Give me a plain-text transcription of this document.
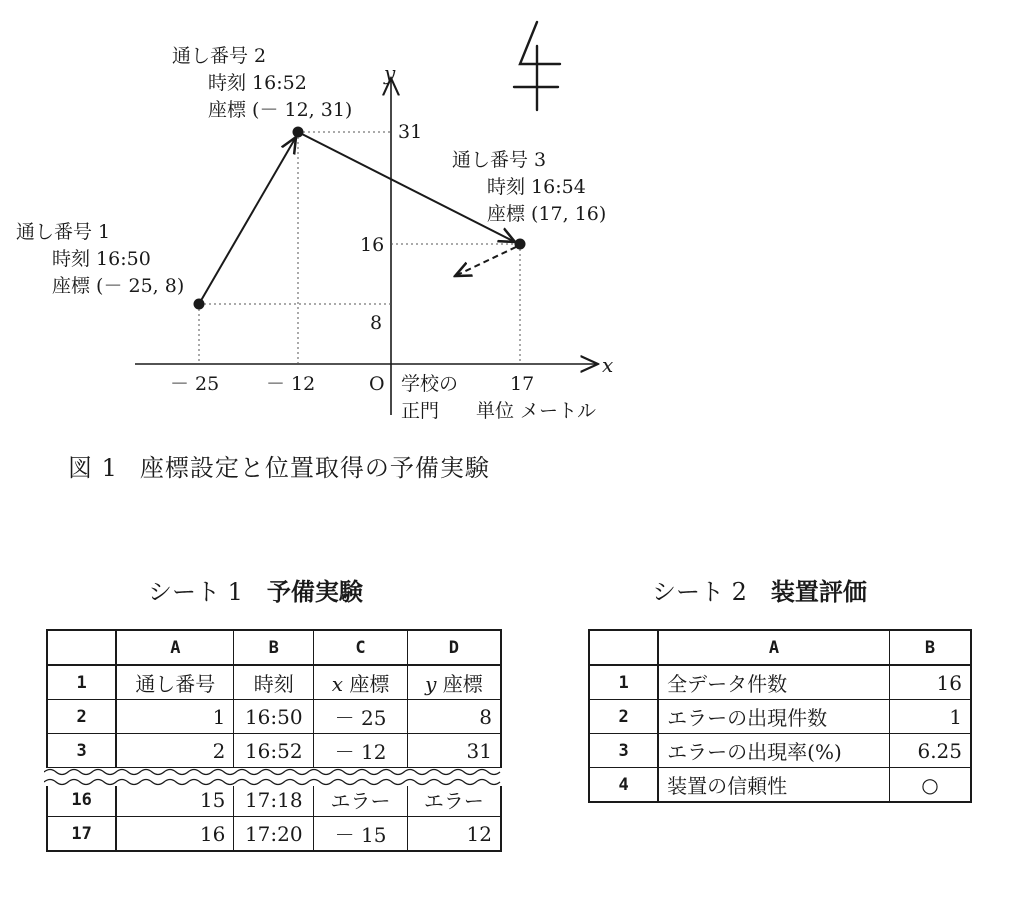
x
y
通し番号 2
時刻 16:52
座標 (－ 12, 31)
通し番号 3
時刻 16:54
座標 (17, 16)
通し番号 1
時刻 16:50
座標 (－ 25, 8)
31
16
8
－ 25 － 12	O 学校の	17
正門 単位 メートル
図 1 座標設定と位置取得の予備実験
シート 1 予備実験
	A	B	C	D
1	通し番号	時刻	x 座標	y 座標
2	1	16:50	－ 25	8
3	2	16:52	－ 12	31

16	15	17:18	エラー	エラー
17	16	17:20	－ 15	12
シート 2 装置評価
	A	B
1	全データ件数	16
2	エラーの出現件数	1
3	エラーの出現率(%)	6.25
4	装置の信頼性	○
